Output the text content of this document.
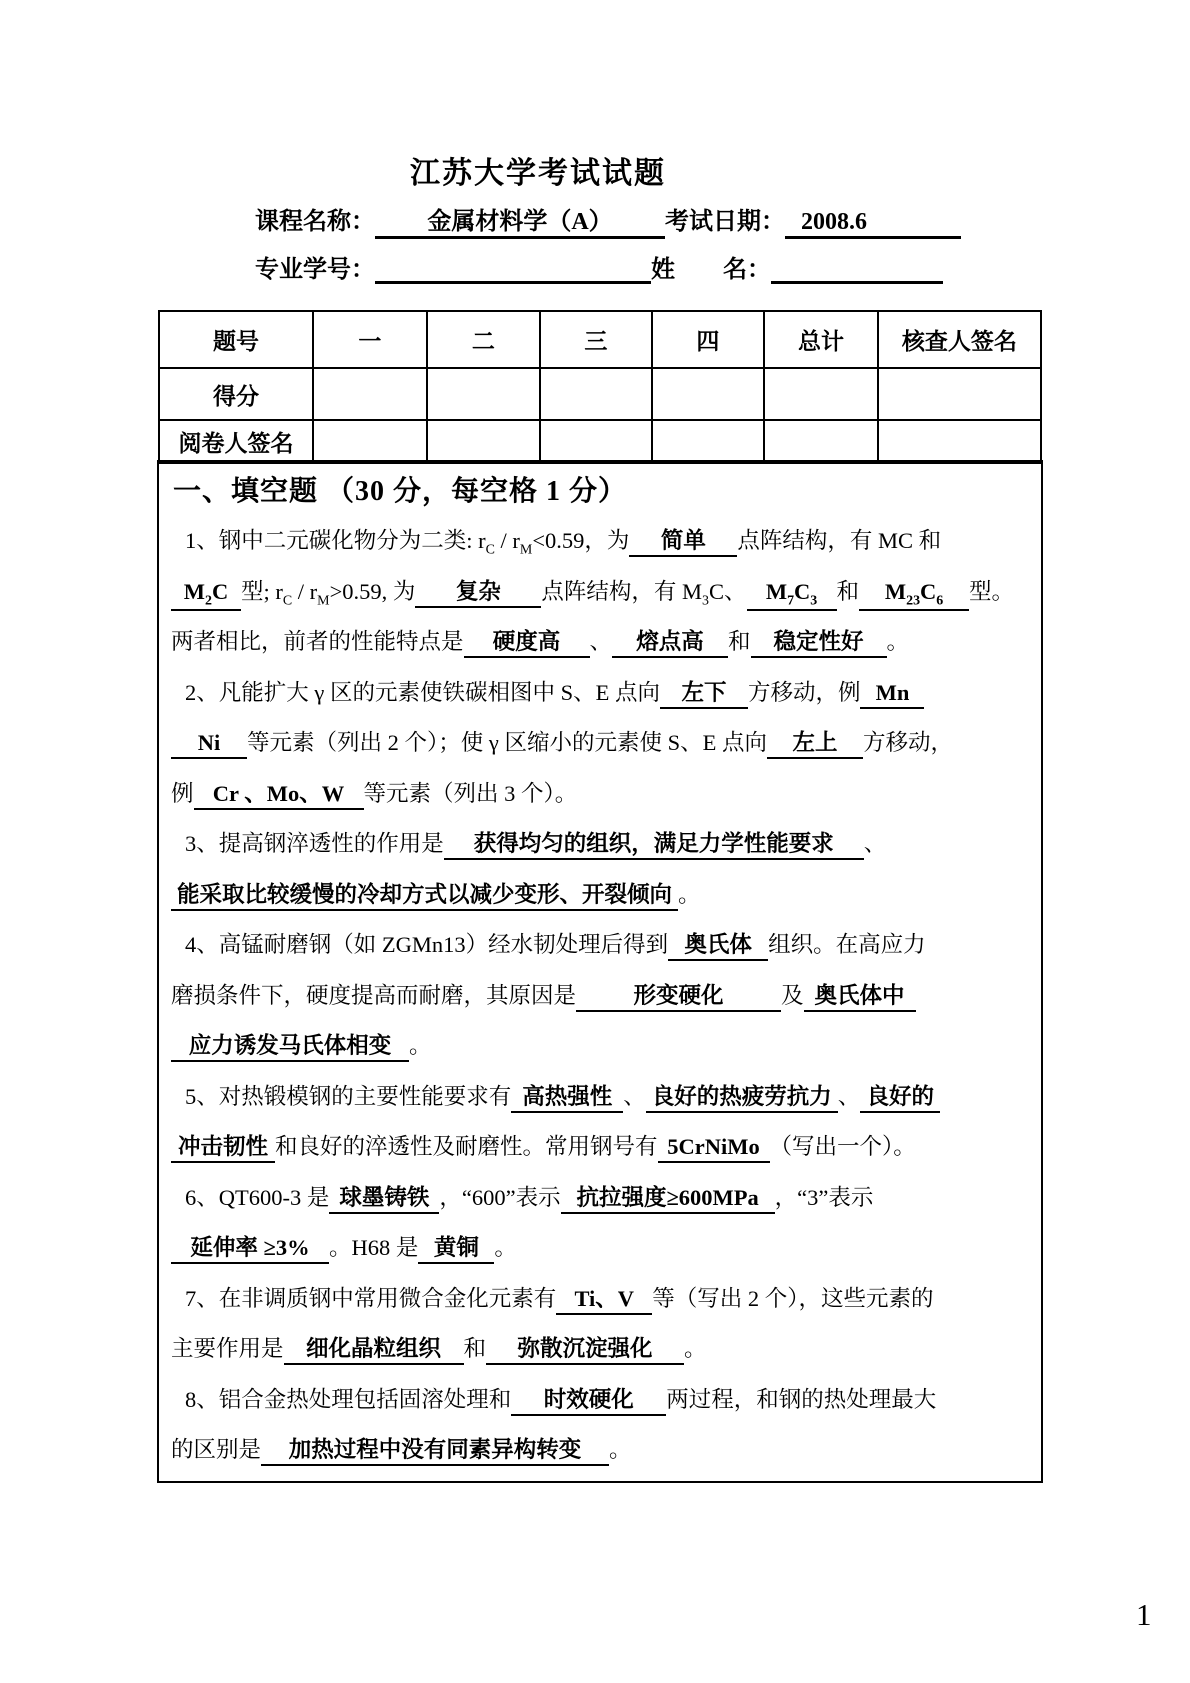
江苏大学考试试题
课程名称： 金属材料学（A） 考试日期： 2008.6
专业学号：	姓　　名：
题号	一	二	三	四	总计	核查人签名
得分						
阅卷人签名						
一、填空题 （30 分，每空格 1 分）
1、钢中二元碳化物分为二类: $r_C / r_M<0.59$，为 简单 点阵结构，有 MC 和
$M_2C$ 型; $r_C / r_M>0.59$, 为 复杂 点阵结构，有 $M_3C$、 $M_7C_3$ 和 $M_{23}C_6$ 型。
两者相比，前者的性能特点是 硬度高 、 熔点高 和 稳定性好 。
2、凡能扩大 γ 区的元素使铁碳相图中 S、E 点向 左下 方移动，例 Mn
Ni 等元素（列出 2 个）；使 γ 区缩小的元素使 S、E 点向 左上 方移动，
例 Cr 、Mo、W 等元素（列出 3 个）。
3、提高钢淬透性的作用是 获得均匀的组织，满足力学性能要求 、
能采取比较缓慢的冷却方式以减少变形、开裂倾向 。
4、高锰耐磨钢（如 ZGMn13）经水韧处理后得到 奥氏体 组织。在高应力
磨损条件下，硬度提高而耐磨，其原因是	形变硬化	及 奥氏体中
应力诱发马氏体相变 。
5、对热锻模钢的主要性能要求有 高热强性 、 良好的热疲劳抗力 、 良好的
冲击韧性 和良好的淬透性及耐磨性。常用钢号有 5CrNiMo （写出一个）。
6、QT600-3 是 球墨铸铁 ，“600”表示 抗拉强度≥600MPa ，“3”表示
延伸率 ≥3% 。H68 是 黄铜 。
7、在非调质钢中常用微合金化元素有 Ti、V 等（写出 2 个），这些元素的
主要作用是 细化晶粒组织 和 弥散沉淀强化 。
8、铝合金热处理包括固溶处理和 时效硬化 两过程，和钢的热处理最大
的区别是 加热过程中没有同素异构转变 。
1
